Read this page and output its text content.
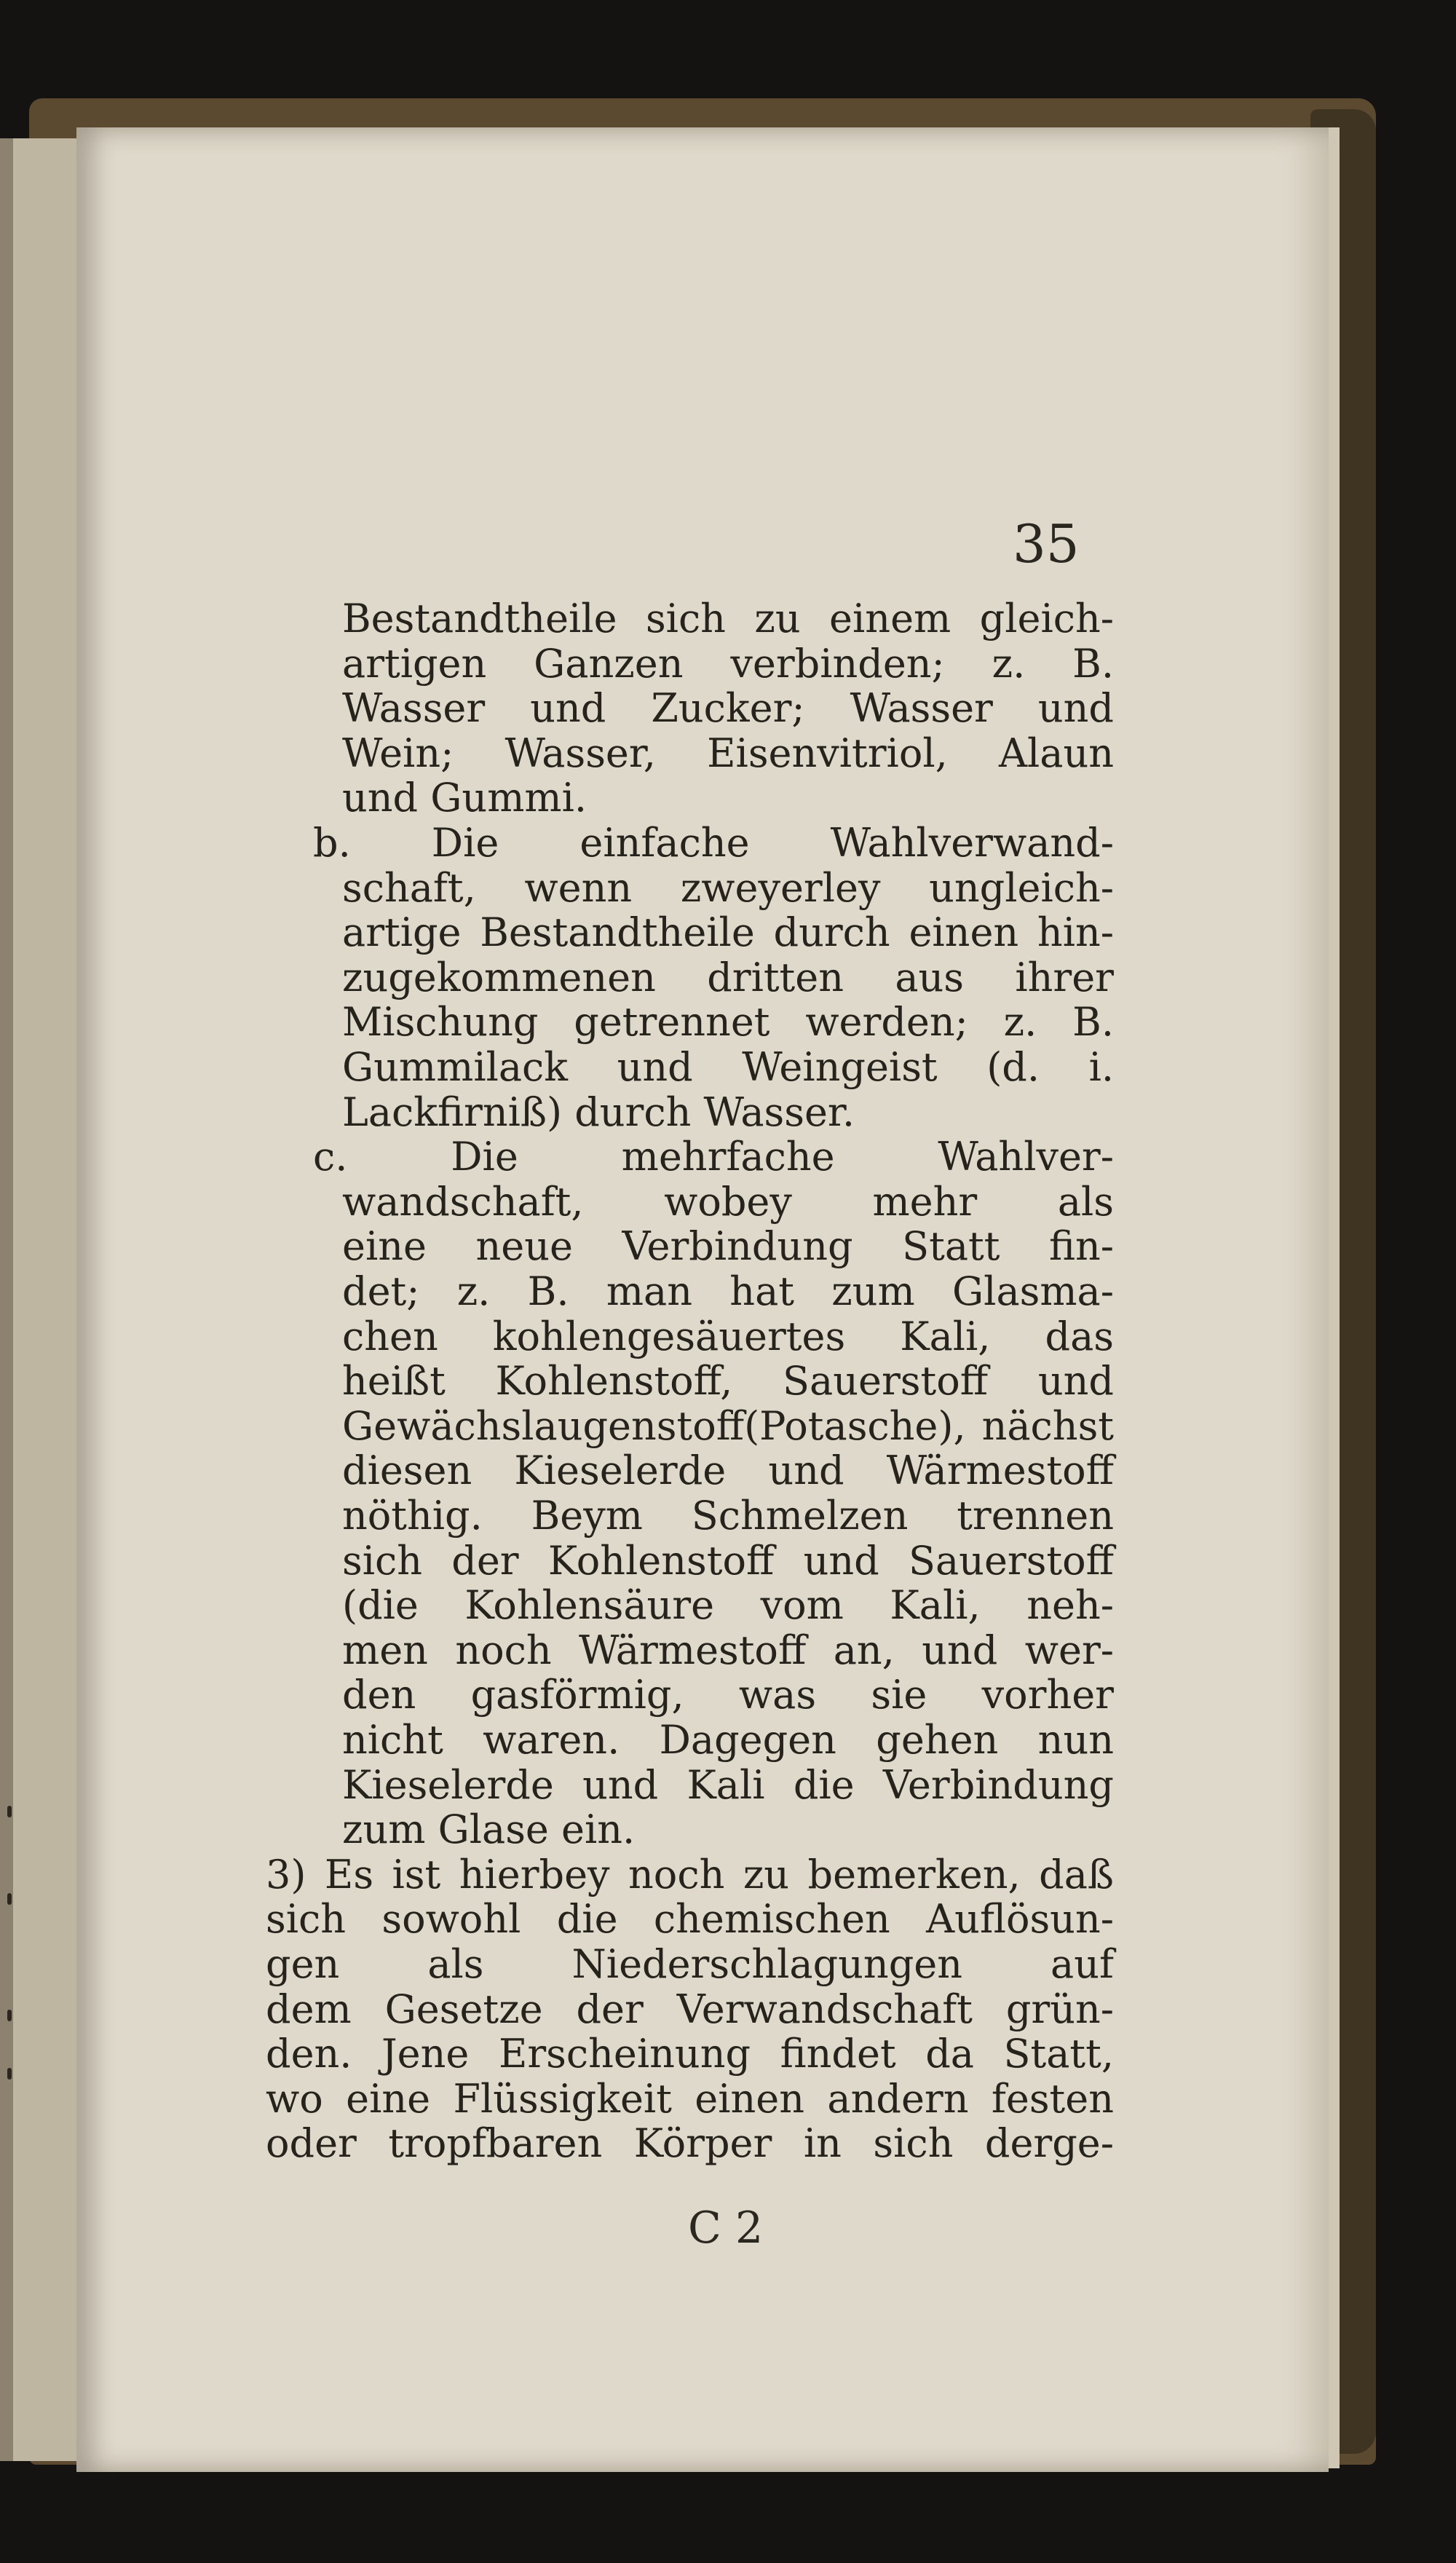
35
Bestandtheile sich zu einem gleich-
artigen Ganzen verbinden; z. B.
Wasser und Zucker; Wasser und
Wein; Wasser, Eisenvitriol, Alaun
und Gummi.
b. Die einfache Wahlverwand-
schaft, wenn zweyerley ungleich-
artige Bestandtheile durch einen hin-
zugekommenen dritten aus ihrer
Mischung getrennet werden; z. B.
Gummilack und Weingeist (d. i.
Lackfirniß) durch Wasser.
c. Die mehrfache Wahlver-
wandschaft, wobey mehr als
eine neue Verbindung Statt fin-
det; z. B. man hat zum Glasma-
chen kohlengesäuertes Kali, das
heißt Kohlenstoff, Sauerstoff und
Gewächslaugenstoff(Potasche), nächst
diesen Kieselerde und Wärmestoff
nöthig. Beym Schmelzen trennen
sich der Kohlenstoff und Sauerstoff
(die Kohlensäure vom Kali, neh-
men noch Wärmestoff an, und wer-
den gasförmig, was sie vorher
nicht waren. Dagegen gehen nun
Kieselerde und Kali die Verbindung
zum Glase ein.
3) Es ist hierbey noch zu bemerken, daß
sich sowohl die chemischen Auflösun-
gen als Niederschlagungen auf
dem Gesetze der Verwandschaft grün-
den. Jene Erscheinung findet da Statt,
wo eine Flüssigkeit einen andern festen
oder tropfbaren Körper in sich derge-
C 2
